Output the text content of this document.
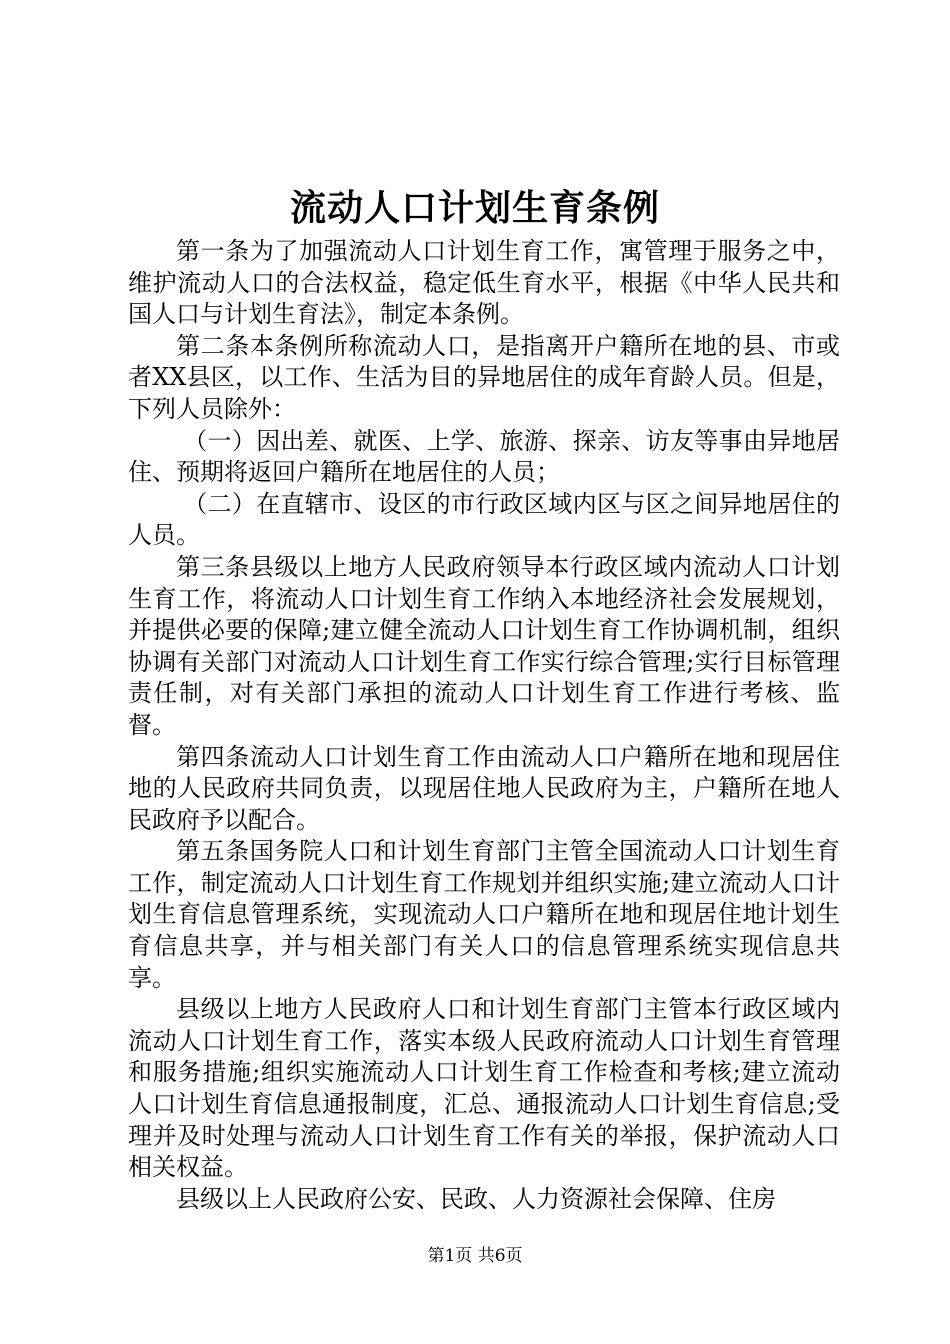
流动人口计划生育条例

第一条为了加强流动人口计划生育工作，寓管理于服务之中，维护流动人口的合法权益，稳定低生育水平，根据《中华人民共和国人口与计划生育法》，制定本条例。

第二条本条例所称流动人口，是指离开户籍所在地的县、市或者XX县区，以工作、生活为目的异地居住的成年育龄人员。但是，下列人员除外：

（一）因出差、就医、上学、旅游、探亲、访友等事由异地居住、预期将返回户籍所在地居住的人员；

（二）在直辖市、设区的市行政区域内区与区之间异地居住的人员。

第三条县级以上地方人民政府领导本行政区域内流动人口计划生育工作，将流动人口计划生育工作纳入本地经济社会发展规划，并提供必要的保障;建立健全流动人口计划生育工作协调机制，组织协调有关部门对流动人口计划生育工作实行综合管理;实行目标管理责任制，对有关部门承担的流动人口计划生育工作进行考核、监督。

第四条流动人口计划生育工作由流动人口户籍所在地和现居住地的人民政府共同负责，以现居住地人民政府为主，户籍所在地人民政府予以配合。

第五条国务院人口和计划生育部门主管全国流动人口计划生育工作，制定流动人口计划生育工作规划并组织实施;建立流动人口计划生育信息管理系统，实现流动人口户籍所在地和现居住地计划生育信息共享，并与相关部门有关人口的信息管理系统实现信息共享。

县级以上地方人民政府人口和计划生育部门主管本行政区域内流动人口计划生育工作，落实本级人民政府流动人口计划生育管理和服务措施;组织实施流动人口计划生育工作检查和考核;建立流动人口计划生育信息通报制度，汇总、通报流动人口计划生育信息;受理并及时处理与流动人口计划生育工作有关的举报，保护流动人口相关权益。

县级以上人民政府公安、民政、人力资源社会保障、住房

第1页 共6页
